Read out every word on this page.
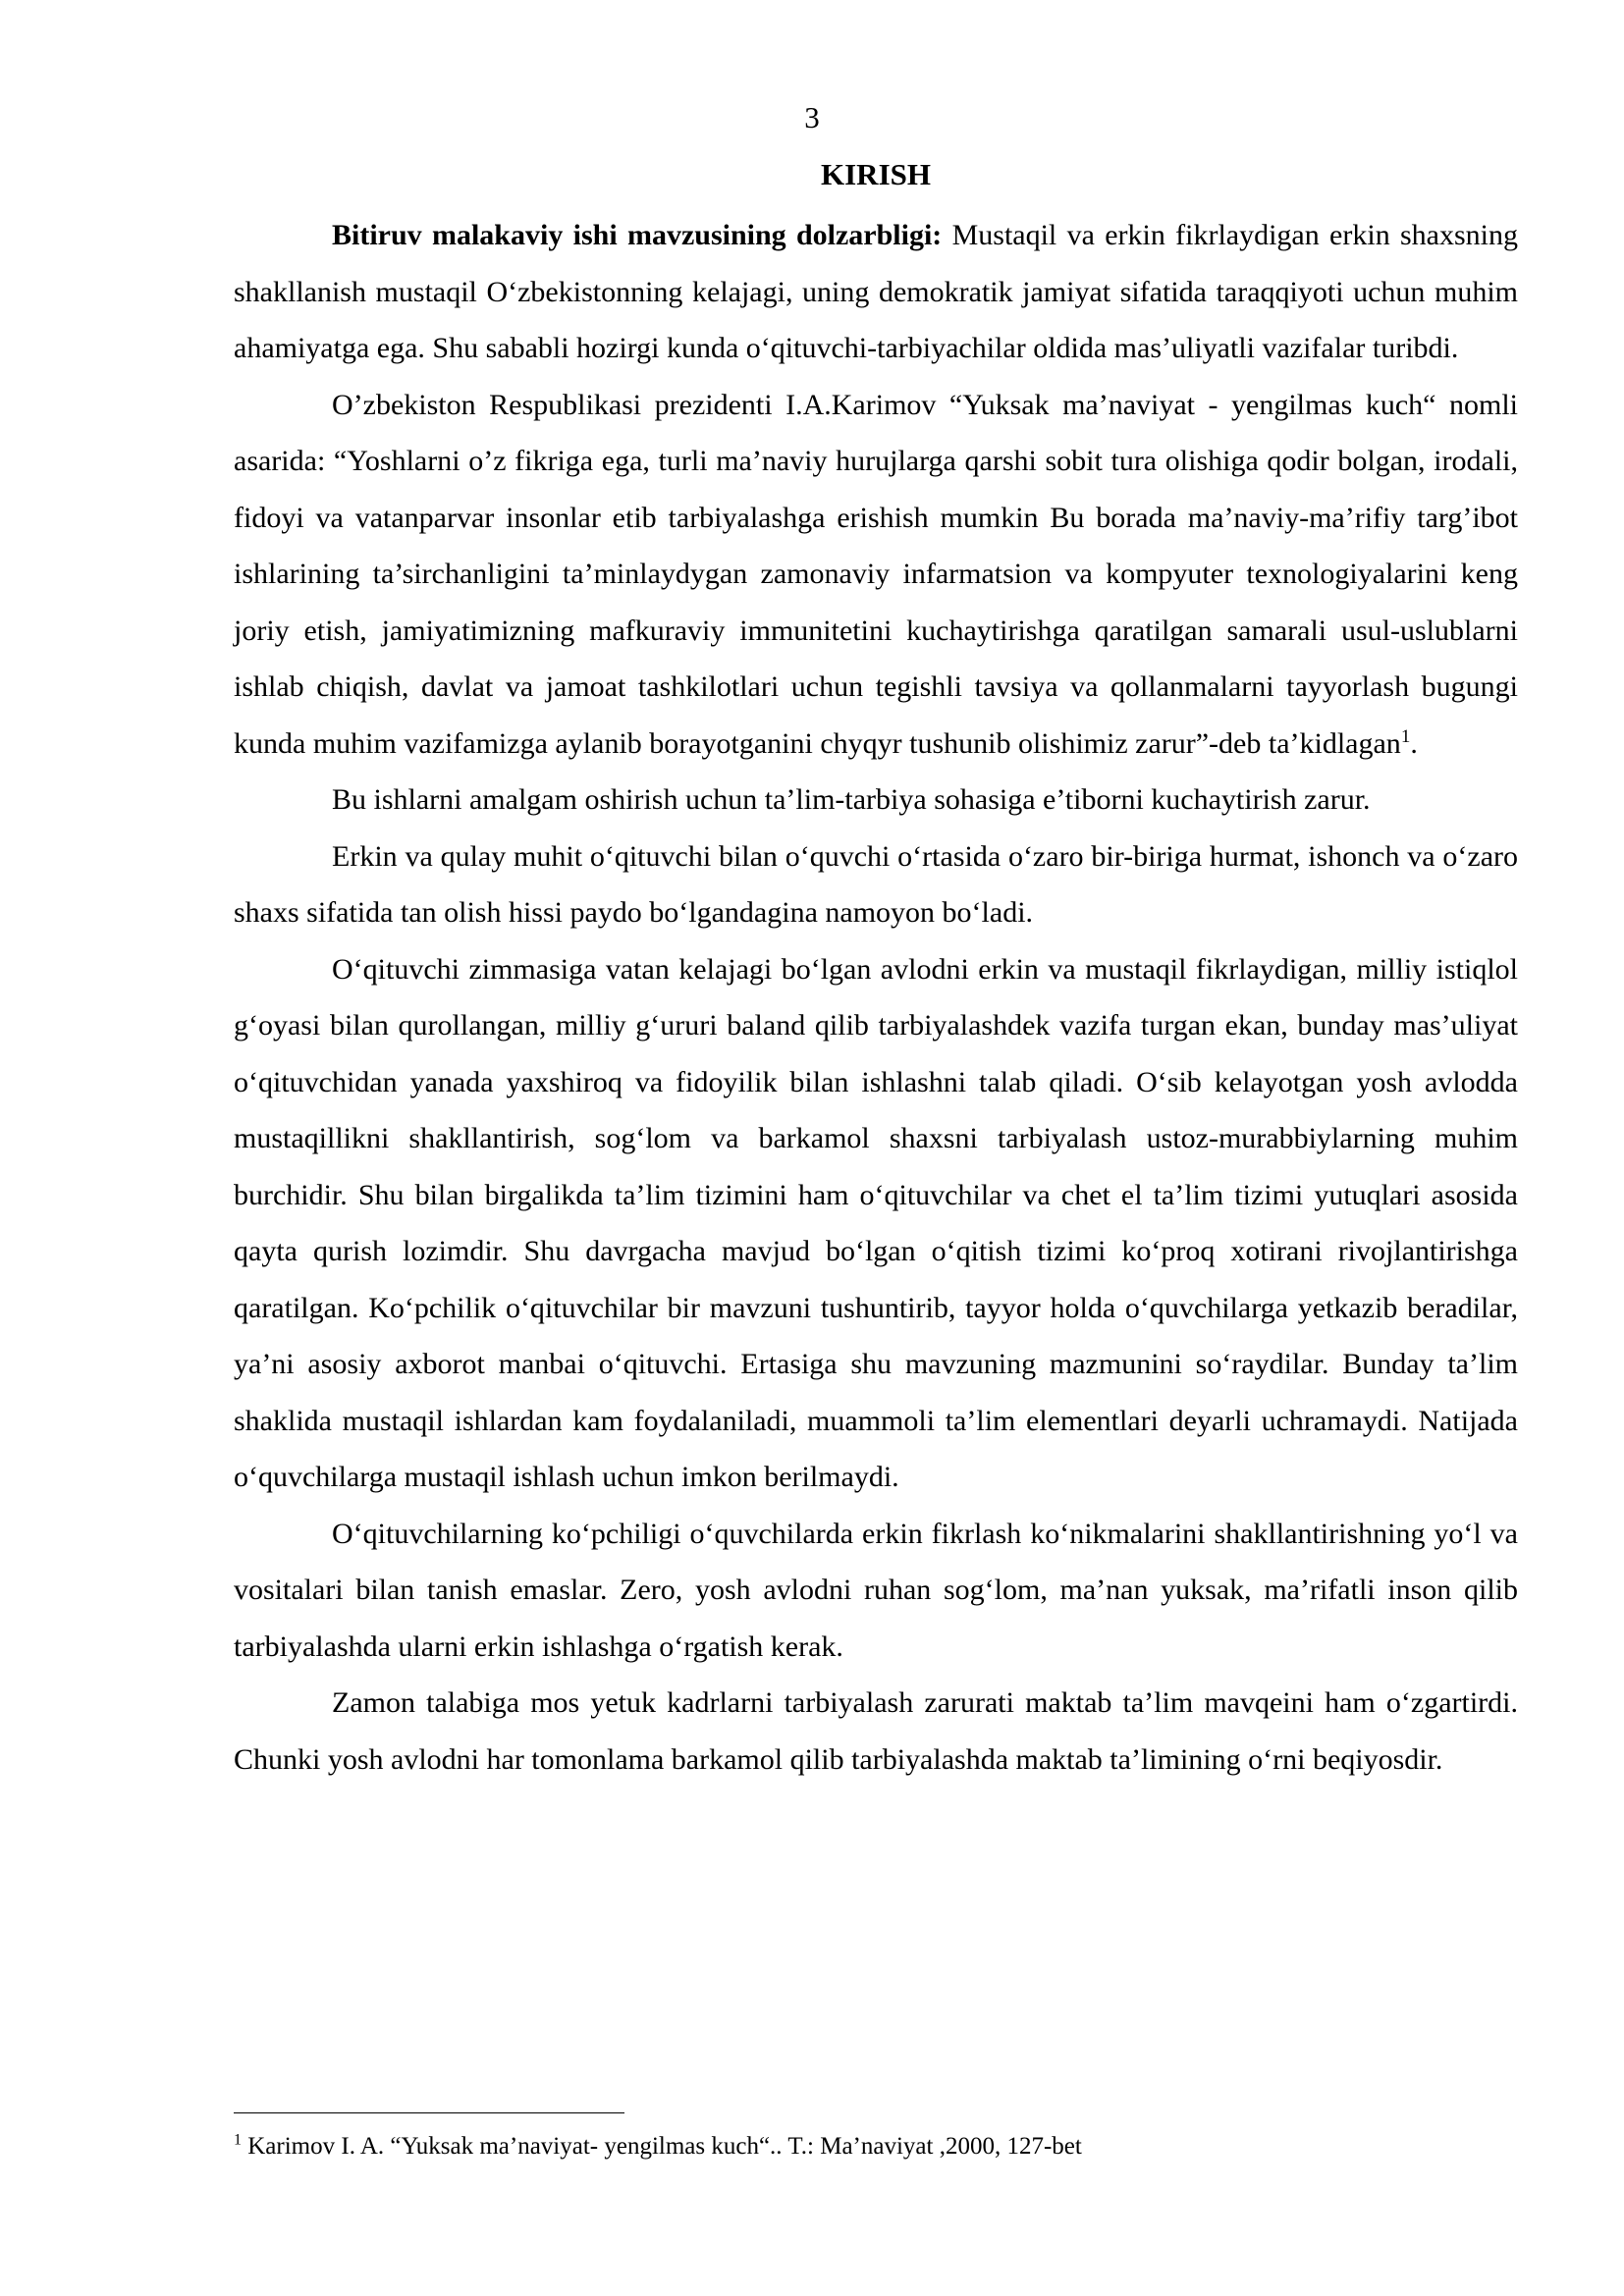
3
KIRISH

Bitiruv malakaviy ishi mavzusining dolzarbligi: Mustaqil va erkin fikrlaydigan erkin shaxsning shakllanish mustaqil O‘zbekistonning kelajagi, uning demokratik jamiyat sifatida taraqqiyoti uchun muhim ahamiyatga ega. Shu sababli hozirgi kunda o‘qituvchi-tarbiyachilar oldida mas’uliyatli vazifalar turibdi.

O’zbekiston Respublikasi prezidenti I.A.Karimov “Yuksak ma’naviyat - yengilmas kuch“ nomli asarida: “Yoshlarni o’z fikriga ega, turli ma’naviy hurujlarga qarshi sobit tura olishiga qodir bolgan, irodali, fidoyi va vatanparvar insonlar etib tarbiyalashga erishish mumkin Bu borada ma’naviy-ma’rifiy targ’ibot ishlarining ta’sirchanligini ta’minlaydygan zamonaviy infarmatsion va kompyuter texnologiyalarini keng joriy etish, jamiyatimizning mafkuraviy immunitetini kuchaytirishga qaratilgan samarali usul-uslublarni ishlab chiqish, davlat va jamoat tashkilotlari uchun tegishli tavsiya va qollanmalarni tayyorlash bugungi kunda muhim vazifamizga aylanib borayotganini chyqyr tushunib olishimiz zarur”-deb ta’kidlagan$^1$.

Bu ishlarni amalgam oshirish uchun ta’lim-tarbiya sohasiga e’tiborni kuchaytirish zarur.

Erkin va qulay muhit o‘qituvchi bilan o‘quvchi o‘rtasida o‘zaro bir-biriga hurmat, ishonch va o‘zaro shaxs sifatida tan olish hissi paydo bo‘lgandagina namoyon bo‘ladi.

O‘qituvchi zimmasiga vatan kelajagi bo‘lgan avlodni erkin va mustaqil fikrlaydigan, milliy istiqlol g‘oyasi bilan qurollangan, milliy g‘ururi baland qilib tarbiyalashdek vazifa turgan ekan, bunday mas’uliyat o‘qituvchidan yanada yaxshiroq va fidoyilik bilan ishlashni talab qiladi. O‘sib kelayotgan yosh avlodda mustaqillikni shakllantirish, sog‘lom va barkamol shaxsni tarbiyalash ustoz-murabbiylarning muhim burchidir. Shu bilan birgalikda ta’lim tizimini ham o‘qituvchilar va chet el ta’lim tizimi yutuqlari asosida qayta qurish lozimdir. Shu davrgacha mavjud bo‘lgan o‘qitish tizimi ko‘proq xotirani rivojlantirishga qaratilgan. Ko‘pchilik o‘qituvchilar bir mavzuni tushuntirib, tayyor holda o‘quvchilarga yetkazib beradilar, ya’ni asosiy axborot manbai o‘qituvchi. Ertasiga shu mavzuning mazmunini so‘raydilar. Bunday ta’lim shaklida mustaqil ishlardan kam foydalaniladi, muammoli ta’lim elementlari deyarli uchramaydi. Natijada o‘quvchilarga mustaqil ishlash uchun imkon berilmaydi.

O‘qituvchilarning ko‘pchiligi o‘quvchilarda erkin fikrlash ko‘nikmalarini shakllantirishning yo‘l va vositalari bilan tanish emaslar. Zero, yosh avlodni ruhan sog‘lom, ma’nan yuksak, ma’rifatli inson qilib tarbiyalashda ularni erkin ishlashga o‘rgatish kerak.

Zamon talabiga mos yetuk kadrlarni tarbiyalash zarurati maktab ta’lim mavqeini ham o‘zgartirdi. Chunki yosh avlodni har tomonlama barkamol qilib tarbiyalashda maktab ta’limining o‘rni beqiyosdir.

$^1$ Karimov I. A. “Yuksak ma’naviyat- yengilmas kuch“.. T.: Ma’naviyat ,2000, 127-bet
